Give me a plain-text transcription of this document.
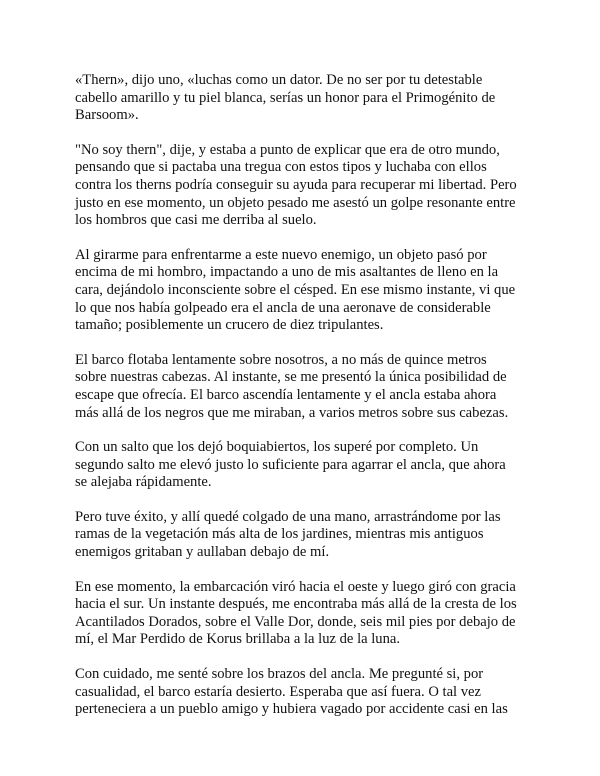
«Thern», dijo uno, «luchas como un dator. De no ser por tu detestable
cabello amarillo y tu piel blanca, serías un honor para el Primogénito de
Barsoom».

"No soy thern", dije, y estaba a punto de explicar que era de otro mundo,
pensando que si pactaba una tregua con estos tipos y luchaba con ellos
contra los therns podría conseguir su ayuda para recuperar mi libertad. Pero
justo en ese momento, un objeto pesado me asestó un golpe resonante entre
los hombros que casi me derriba al suelo.

Al girarme para enfrentarme a este nuevo enemigo, un objeto pasó por
encima de mi hombro, impactando a uno de mis asaltantes de lleno en la
cara, dejándolo inconsciente sobre el césped. En ese mismo instante, vi que
lo que nos había golpeado era el ancla de una aeronave de considerable
tamaño; posiblemente un crucero de diez tripulantes.

El barco flotaba lentamente sobre nosotros, a no más de quince metros
sobre nuestras cabezas. Al instante, se me presentó la única posibilidad de
escape que ofrecía. El barco ascendía lentamente y el ancla estaba ahora
más allá de los negros que me miraban, a varios metros sobre sus cabezas.

Con un salto que los dejó boquiabiertos, los superé por completo. Un
segundo salto me elevó justo lo suficiente para agarrar el ancla, que ahora
se alejaba rápidamente.

Pero tuve éxito, y allí quedé colgado de una mano, arrastrándome por las
ramas de la vegetación más alta de los jardines, mientras mis antiguos
enemigos gritaban y aullaban debajo de mí.

En ese momento, la embarcación viró hacia el oeste y luego giró con gracia
hacia el sur. Un instante después, me encontraba más allá de la cresta de los
Acantilados Dorados, sobre el Valle Dor, donde, seis mil pies por debajo de
mí, el Mar Perdido de Korus brillaba a la luz de la luna.

Con cuidado, me senté sobre los brazos del ancla. Me pregunté si, por
casualidad, el barco estaría desierto. Esperaba que así fuera. O tal vez
perteneciera a un pueblo amigo y hubiera vagado por accidente casi en las
